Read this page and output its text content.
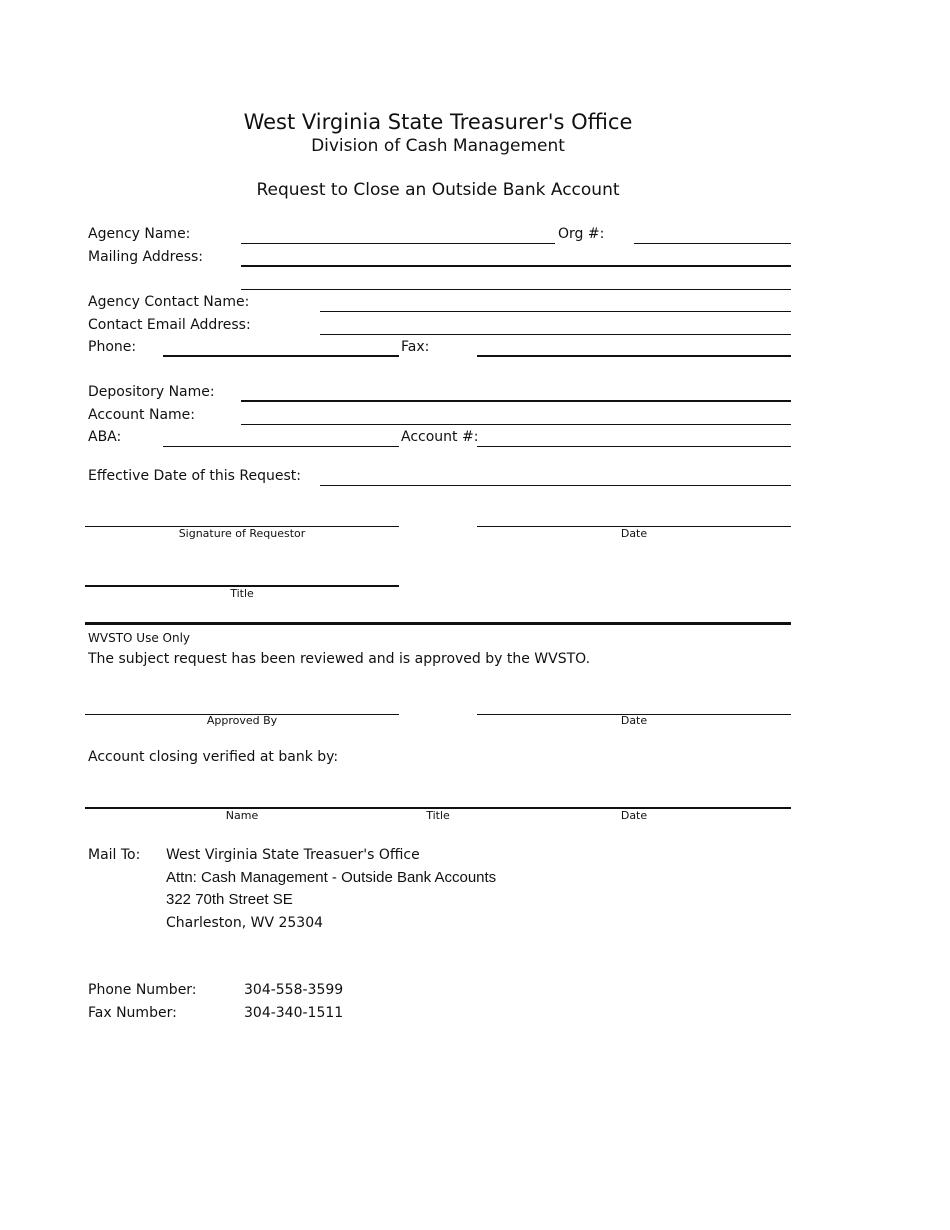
West Virginia State Treasurer's Office
Division of Cash Management
Request to Close an Outside Bank Account
Agency Name:	Org #:
Mailing Address:
Agency Contact Name:
Contact Email Address:
Phone:	Fax:
Depository Name:
Account Name:
ABA:	Account #:
Effective Date of this Request:
Signature of Requestor	Date
Title
WVSTO Use Only
The subject request has been reviewed and is approved by the WVSTO.
Approved By	Date
Account closing verified at bank by:
Name	Title	Date
Mail To: West Virginia State Treasuer's Office
Attn: Cash Management - Outside Bank Accounts
322 70th Street SE
Charleston, WV 25304
Phone Number:	304-558-3599
Fax Number:	304-340-1511
